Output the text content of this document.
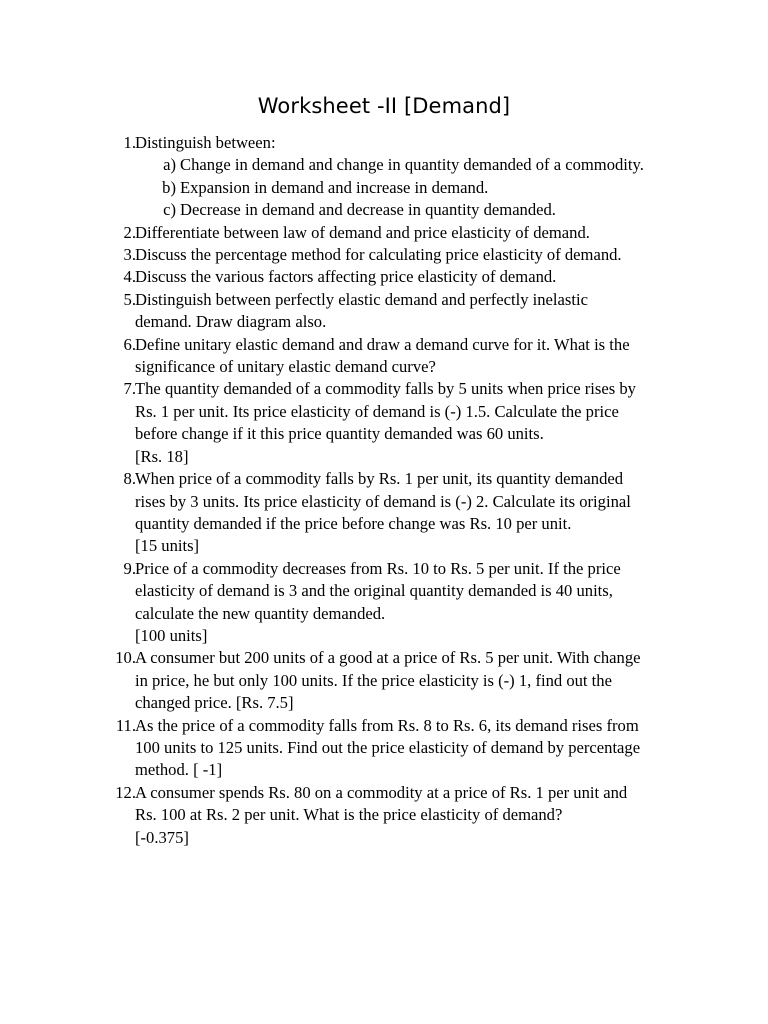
Worksheet -II [Demand]
1. Distinguish between:
a) Change in demand and change in quantity demanded of a commodity.
b) Expansion in demand and increase in demand.
c) Decrease in demand and decrease in quantity demanded.
2. Differentiate between law of demand and price elasticity of demand.
3. Discuss the percentage method for calculating price elasticity of demand.
4. Discuss the various factors affecting price elasticity of demand.
5. Distinguish between perfectly elastic demand and perfectly inelastic
demand. Draw diagram also.
6. Define unitary elastic demand and draw a demand curve for it. What is the
significance of unitary elastic demand curve?
7. The quantity demanded of a commodity falls by 5 units when price rises by
Rs. 1 per unit. Its price elasticity of demand is (-) 1.5. Calculate the price
before change if it this price quantity demanded was 60 units.
[Rs. 18]
8. When price of a commodity falls by Rs. 1 per unit, its quantity demanded
rises by 3 units. Its price elasticity of demand is (-) 2. Calculate its original
quantity demanded if the price before change was Rs. 10 per unit.
[15 units]
9. Price of a commodity decreases from Rs. 10 to Rs. 5 per unit. If the price
elasticity of demand is 3 and the original quantity demanded is 40 units,
calculate the new quantity demanded.
[100 units]
10. A consumer but 200 units of a good at a price of Rs. 5 per unit. With change
in price, he but only 100 units. If the price elasticity is (-) 1, find out the
changed price. [Rs. 7.5]
11. As the price of a commodity falls from Rs. 8 to Rs. 6, its demand rises from
100 units to 125 units. Find out the price elasticity of demand by percentage
method. [ -1]
12. A consumer spends Rs. 80 on a commodity at a price of Rs. 1 per unit and
Rs. 100 at Rs. 2 per unit. What is the price elasticity of demand?
[-0.375]
